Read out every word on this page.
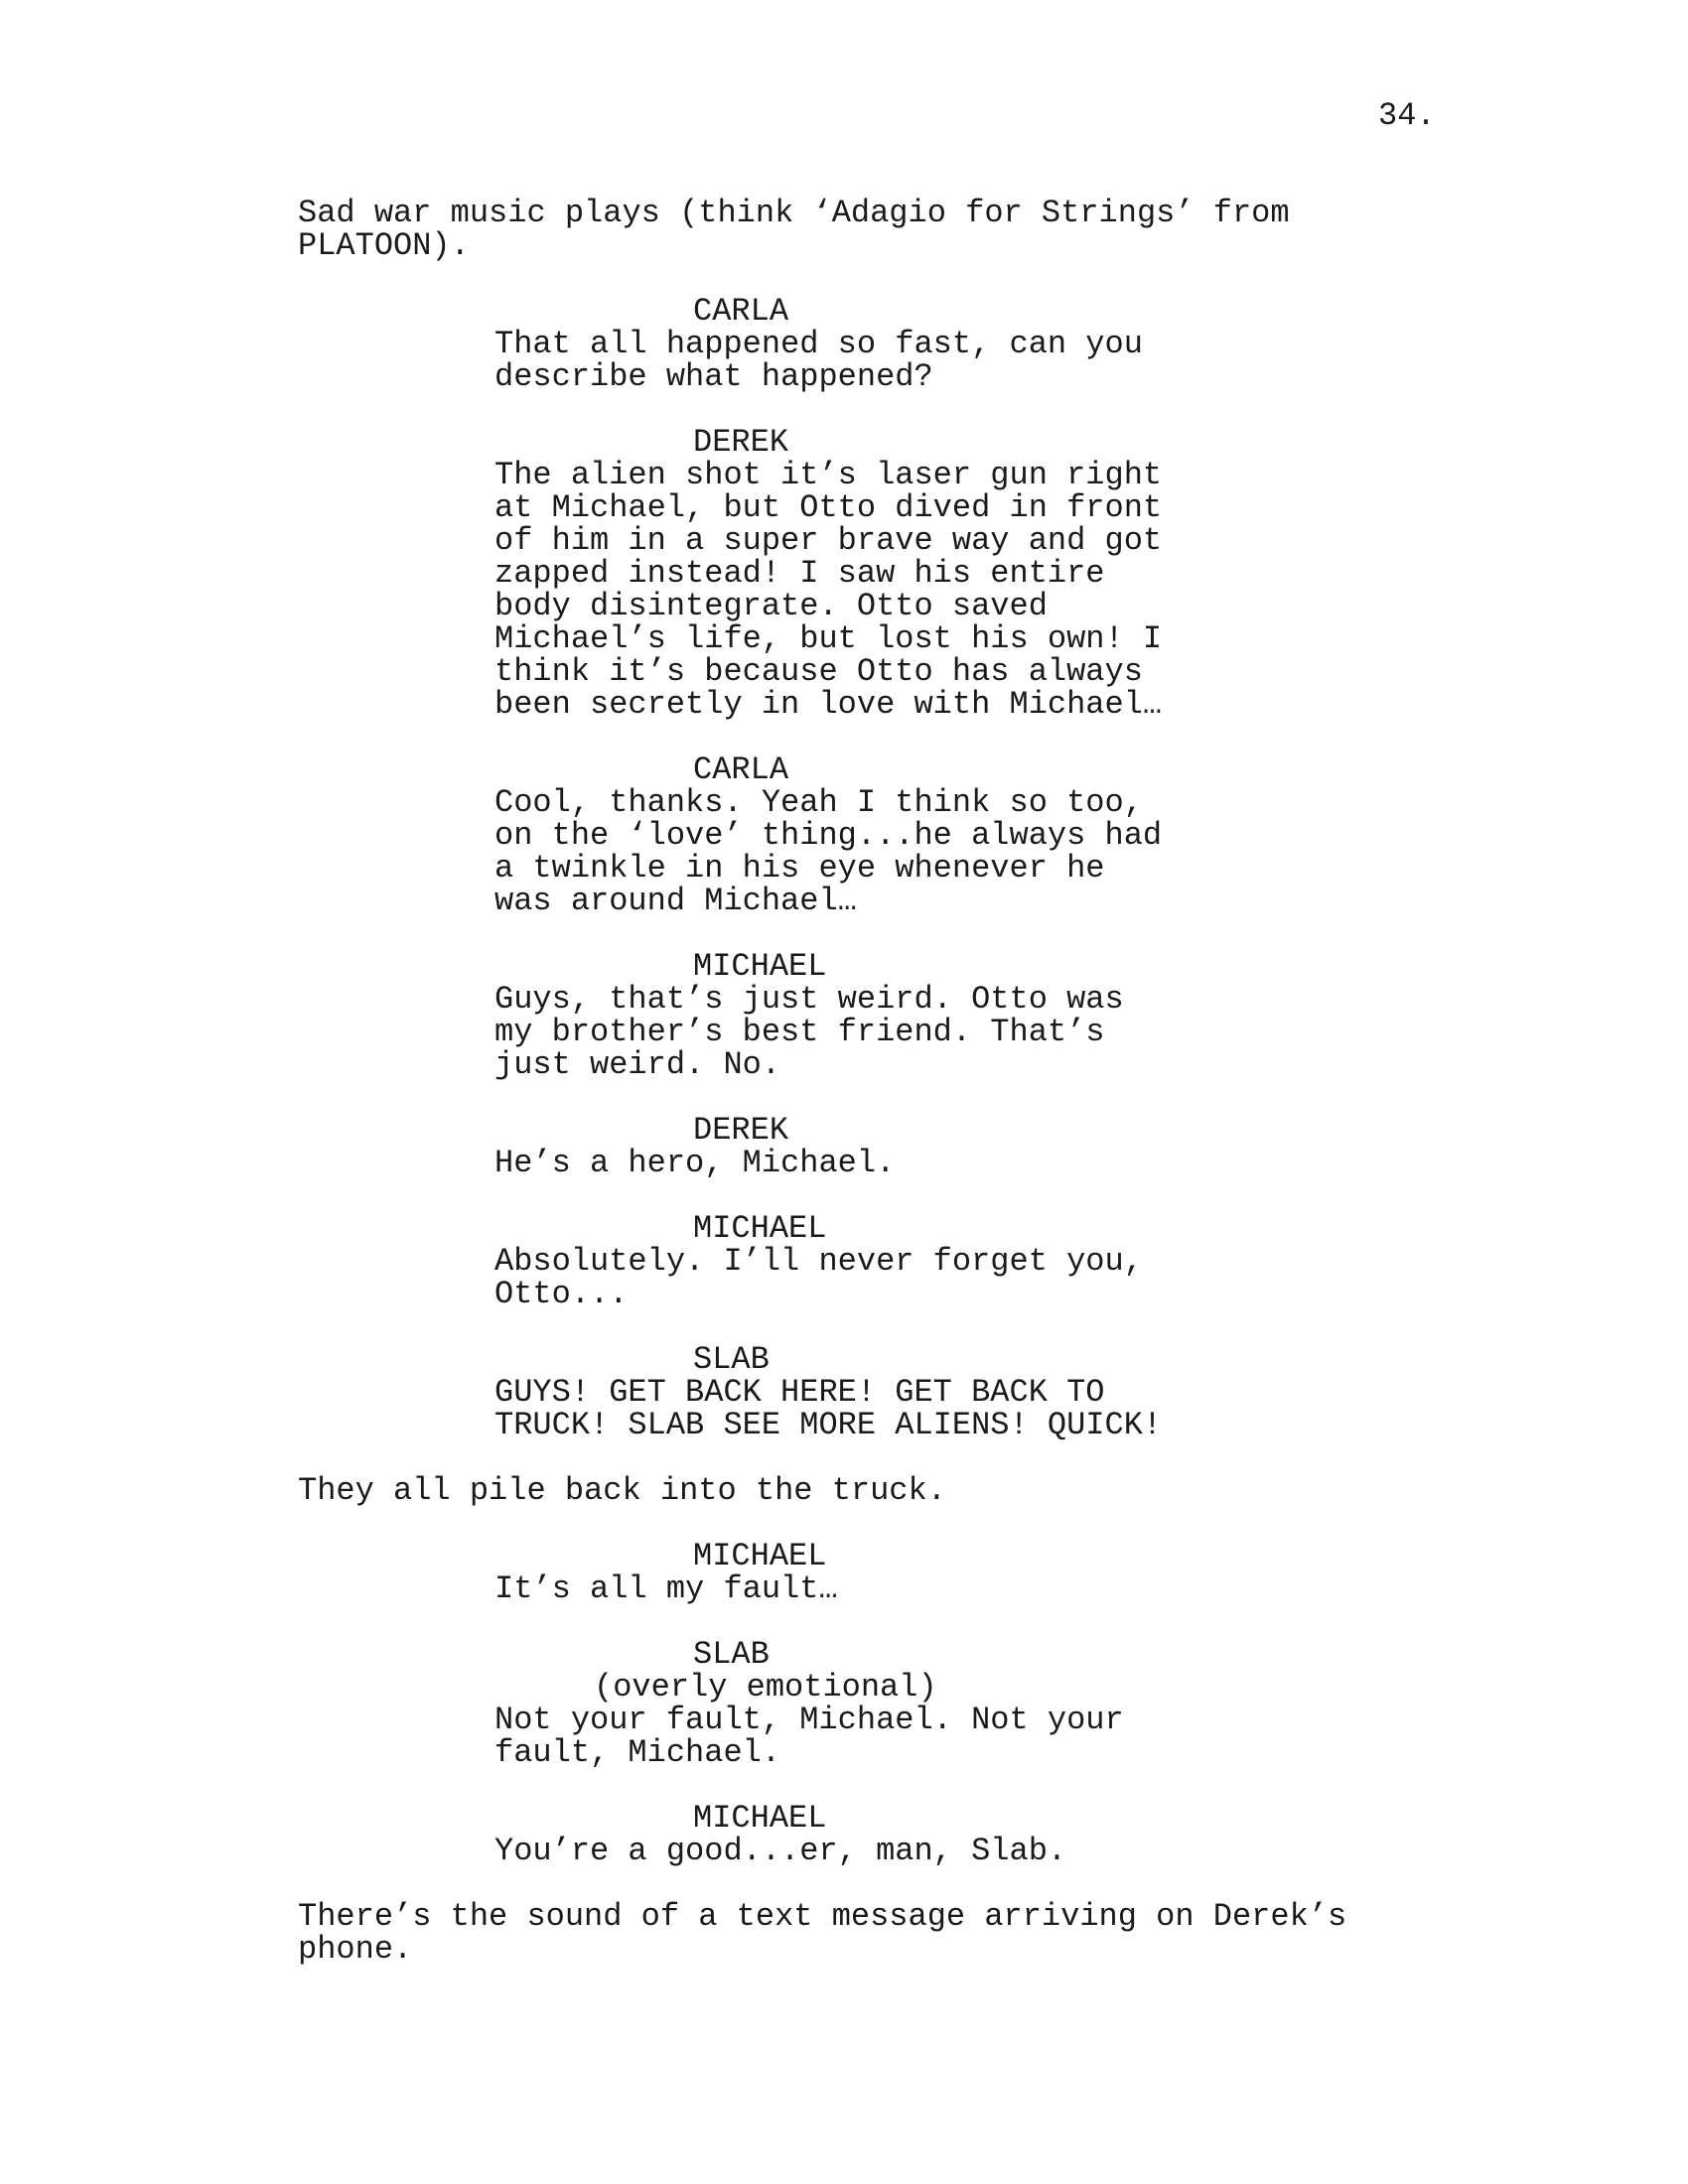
34.
Sad war music plays (think ‘Adagio for Strings’ from
PLATOON).
CARLA
That all happened so fast, can you
describe what happened?
DEREK
The alien shot it’s laser gun right
at Michael, but Otto dived in front
of him in a super brave way and got
zapped instead! I saw his entire
body disintegrate. Otto saved
Michael’s life, but lost his own! I
think it’s because Otto has always
been secretly in love with Michael…
CARLA
Cool, thanks. Yeah I think so too,
on the ‘love’ thing...he always had
a twinkle in his eye whenever he
was around Michael…
MICHAEL
Guys, that’s just weird. Otto was
my brother’s best friend. That’s
just weird. No.
DEREK
He’s a hero, Michael.
MICHAEL
Absolutely. I’ll never forget you,
Otto...
SLAB
GUYS! GET BACK HERE! GET BACK TO
TRUCK! SLAB SEE MORE ALIENS! QUICK!
They all pile back into the truck.
MICHAEL
It’s all my fault…
SLAB
(overly emotional)
Not your fault, Michael. Not your
fault, Michael.
MICHAEL
You’re a good...er, man, Slab.
There’s the sound of a text message arriving on Derek’s
phone.
